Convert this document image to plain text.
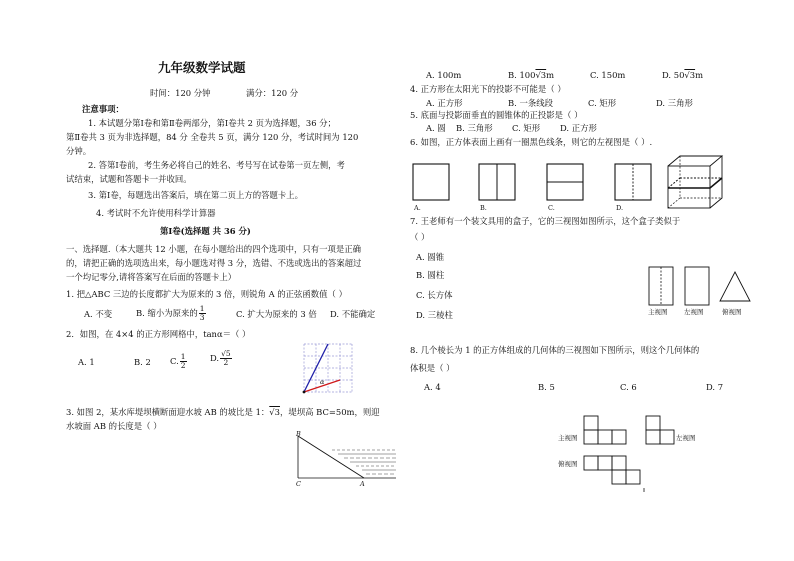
九年级数学试题
时间：120 分钟	满分：120 分
注意事项：
1. 本试题分第Ⅰ卷和第Ⅱ卷两部分，第Ⅰ卷共 2 页为选择题，36 分；
第Ⅱ卷共 3 页为非选择题，84 分 全卷共 5 页，满分 120 分，考试时间为 120
分钟。
2. 答第Ⅰ卷前，考生务必将自己的姓名、考号写在试卷第一页左侧，考
试结束，试题和答题卡一并收回。
3. 第Ⅰ卷，每题选出答案后，填在第二页上方的答题卡上。
4. 考试时不允许使用科学计算器
第Ⅰ卷(选择题 共 36 分)
一、选择题.（本大题共 12 小题，在每小题给出的四个选项中，只有一项是正确
的，请把正确的选项选出来，每小题选对得 3 分，选错、不选或选出的答案超过
一个均记零分,请将答案写在后面的答题卡上）
1. 把△ABC 三边的长度都扩大为原来的 3 倍，则锐角 A 的正弦函数值（ ）
A. 不变	B. 缩小为原来的 $\frac{1}{3}$	C. 扩大为原来的 3 倍 D. 不能确定
2．如图，在 4×4 的正方形网格中，tanα＝（ ）
A. 1	B. 2 C. $\frac{1}{2}$	D. $\frac{√5}{2}$
α
3. 如图 2，某水库堤坝横断面迎水坡 AB 的坡比是 1：√3，堤坝高 BC=50m，则迎
水坡面 AB 的长度是（ ）
B
C	A
A. 100m	B. 100√3m	C. 150m	D. 50√3m
4. 正方形在太阳光下的投影不可能是（ ）
A. 正方形	B. 一条线段	C. 矩形	D. 三角形
5. 底面与投影面垂直的圆锥体的正投影是（ ）
A. 圆 B. 三角形 C. 矩形 D. 正方形
6. 如图，正方体表面上画有一圈黑色线条，则它的左视图是（ ）.
A.	B.	C.	D.
7. 王老师有一个装文具用的盒子，它的三视图如图所示，这个盒子类似于
（ ）
A. 圆锥
B. 圆柱
C. 长方体
D. 三棱柱	主视图	左视图	俯视图
8. 几个棱长为 1 的正方体组成的几何体的三视图如下图所示，则这个几何体的
体积是（ ）
A. 4	B. 5	C. 6	D. 7
主视图	左视图
俯视图
